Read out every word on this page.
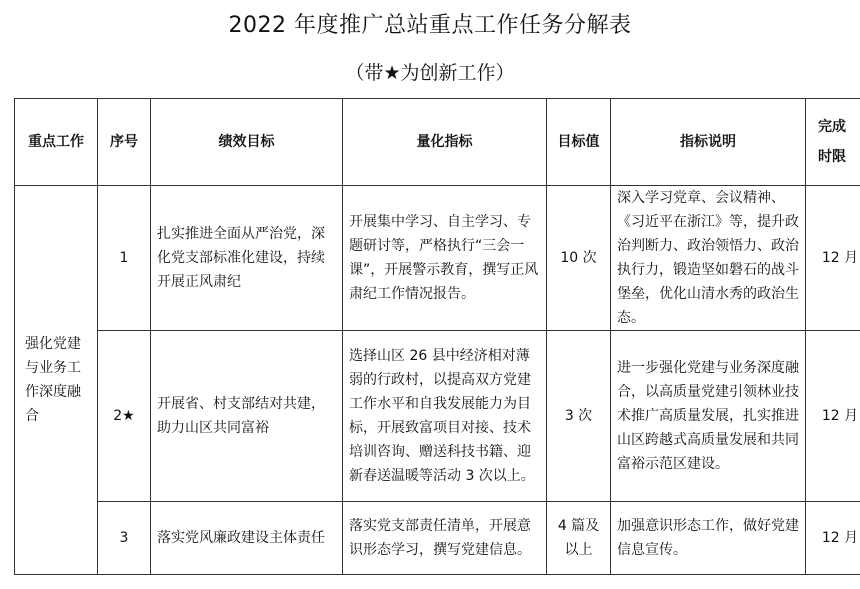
2022 年度推广总站重点工作任务分解表
（带★为创新工作）
重点工作	序号	绩效目标	量化指标	目标值	指标说明	完成
时限

强化党建与业务工作深度融合	1	扎实推进全面从严治党，深化党支部标准化建设，持续开展正风肃纪	开展集中学习、自主学习、专题研讨等，严格执行“三会一课”，开展警示教育，撰写正风肃纪工作情况报告。	10 次	深入学习党章、会议精神、《习近平在浙江》等，提升政治判断力、政治领悟力、政治执行力，锻造坚如磐石的战斗堡垒，优化山清水秀的政治生态。	12 月
	2★	开展省、村支部结对共建，助力山区共同富裕	选择山区 26 县中经济相对薄弱的行政村，以提高双方党建工作水平和自我发展能力为目标，开展致富项目对接、技术培训咨询、赠送科技书籍、迎新春送温暖等活动 3 次以上。	3 次	进一步强化党建与业务深度融合，以高质量党建引领林业技术推广高质量发展，扎实推进山区跨越式高质量发展和共同富裕示范区建设。	12 月
	3	落实党风廉政建设主体责任	落实党支部责任清单，开展意识形态学习，撰写党建信息。	4 篇及以上	加强意识形态工作，做好党建信息宣传。	12 月
